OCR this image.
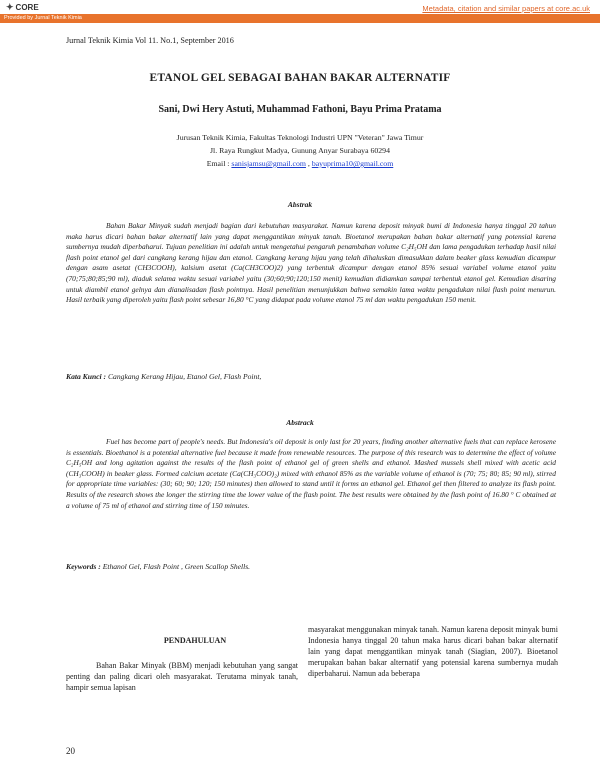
✦ CORE	Metadata, citation and similar papers at core.ac.uk
Provided by Jurnal Teknik Kimia
Jurnal Teknik Kimia Vol 11. No.1, September 2016
ETANOL GEL SEBAGAI BAHAN BAKAR ALTERNATIF
Sani, Dwi Hery Astuti, Muhammad Fathoni, Bayu Prima Pratama
Jurusan Teknik Kimia, Fakultas Teknologi Industri UPN "Veteran" Jawa Timur
Jl. Raya Rungkut Madya, Gunung Anyar Surabaya 60294
Email : sanisjamsu@gmail.com , bayuprima10@gmail.com
Abstrak

Bahan Bakar Minyak sudah menjadi bagian dari kebutuhan masyarakat. Namun karena deposit minyak bumi di Indonesia hanya tinggal 20 tahun maka harus dicari bahan bakar alternatif lain yang dapat menggantikan minyak tanah. Bioetanol merupakan bahan bakar alternatif yang potensial karena sumbernya mudah diperbaharui. Tujuan penelitian ini adalah untuk mengetahui pengaruh penambahan volume C₂H₅OH dan lama pengadukan terhadap hasil nilai flash point etanol gel dari cangkang kerang hijau dan etanol. Cangkang kerang hijau yang telah dihaluskan dimasukkan dalam beaker glass kemudian dicampur dengan asam asetat (CH3COOH), kalsium asetat (Ca(CH3COO)2) yang terbentuk dicampur dengan etanol 85% sesuai variabel volume etanol yaitu (70;75;80;85;90 ml), diaduk selama waktu sesuai variabel yaitu (30;60;90;120;150 menit) kemudian didiamkan sampai terbentuk etanol gel. Kemudian disaring untuk diambil etanol gelnya dan dianalisadan flash pointnya. Hasil penelitian menunjukkan bahwa semakin lama waktu pengadukan nilai flash point menurun. Hasil terbaik yang diperoleh yaitu flash point sebesar 16,80 °C yang didapat pada volume etanol 75 ml dan waktu pengadukan 150 menit.

Kata Kunci : Cangkang Kerang Hijau, Etanol Gel, Flash Point,
Abstrack

Fuel has become part of people's needs. But Indonesia's oil deposit is only last for 20 years, finding another alternative fuels that can replace kerosene is essentials. Bioethanol is a potential alternative fuel because it made from renewable resources. The purpose of this research was to determine the effect of volume C₂H₅OH and long agitation against the results of the flash point of ethanol gel of green shells and ethanol. Mashed mussels shell mixed with acetic acid (CH₃COOH) in beaker glass. Formed calcium acetate (Ca(CH₃COO)₂) mixed with ethanol 85% as the variable volume of ethanol is (70; 75; 80; 85; 90 ml), stirred for appropriate time variables: (30; 60; 90; 120; 150 minutes) then allowed to stand until it forms an ethanol gel. Ethanol gel then filtered to analyze its flash point. Results of the research shows the longer the stirring time the lower value of the flash point. The best results were obtained by the flash point of 16.80 ° C obtained at a volume of 75 ml of ethanol and stirring time of 150 minutes.

Keywords : Ethanol Gel, Flash Point , Green Scallop Shells.
PENDAHULUAN

Bahan Bakar Minyak (BBM) menjadi kebutuhan yang sangat penting dan paling dicari oleh masyarakat. Terutama minyak tanah, hampir semua lapisan

masyarakat menggunakan minyak tanah. Namun karena deposit minyak bumi Indonesia hanya tinggal 20 tahun maka harus dicari bahan bakar alternatif lain yang dapat menggantikan minyak tanah (Siagian, 2007). Bioetanol merupakan bahan bakar alternatif yang potensial karena sumbernya mudah diperbaharui. Namun ada beberapa

20
